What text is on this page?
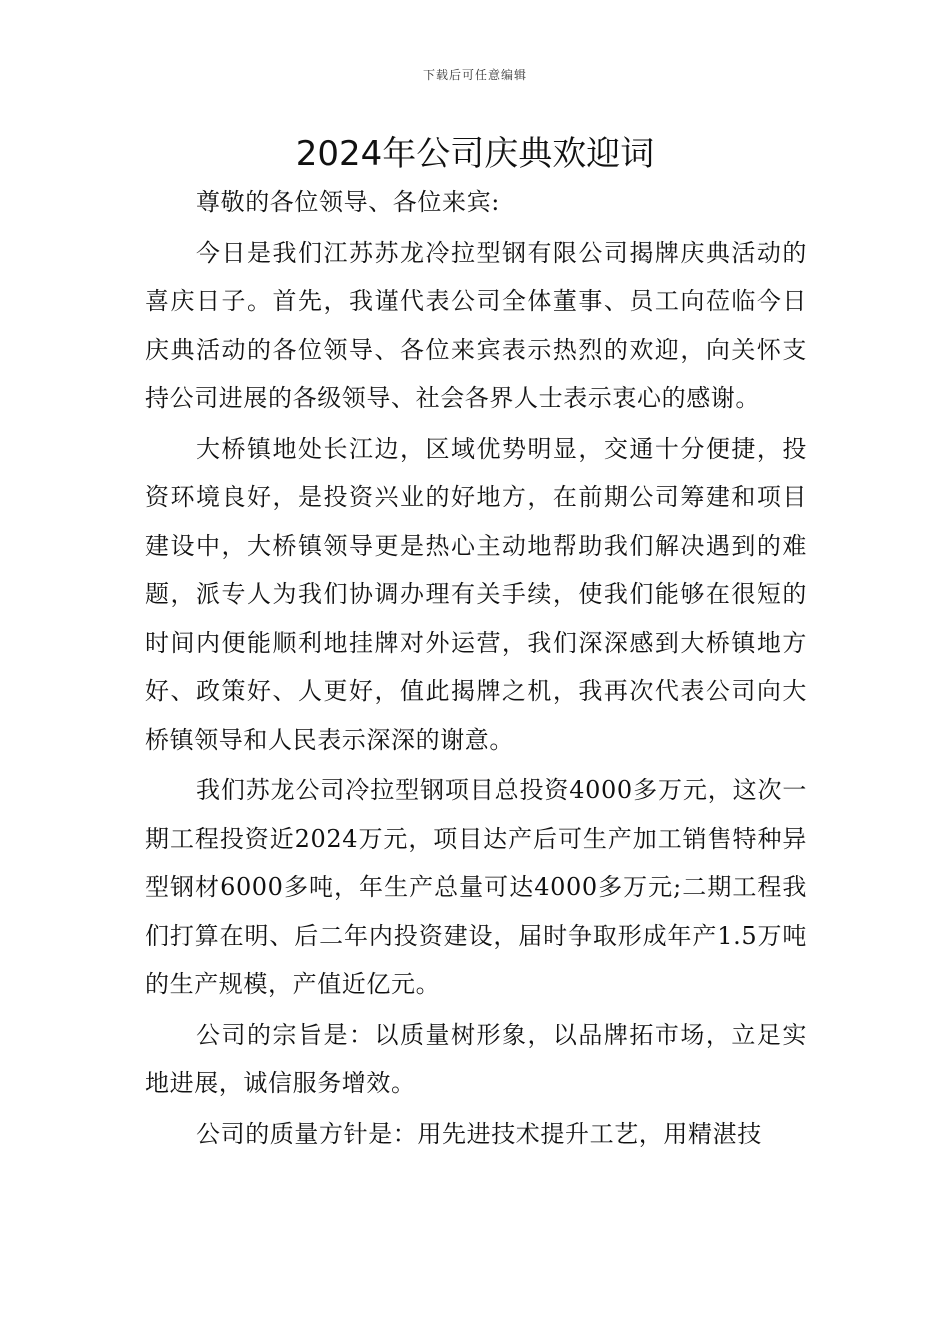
下载后可任意编辑
2024年公司庆典欢迎词

尊敬的各位领导、各位来宾:

今日是我们江苏苏龙冷拉型钢有限公司揭牌庆典活动的喜庆日子。首先，我谨代表公司全体董事、员工向莅临今日庆典活动的各位领导、各位来宾表示热烈的欢迎，向关怀支持公司进展的各级领导、社会各界人士表示衷心的感谢。

大桥镇地处长江边，区域优势明显，交通十分便捷，投资环境良好，是投资兴业的好地方，在前期公司筹建和项目建设中，大桥镇领导更是热心主动地帮助我们解决遇到的难题，派专人为我们协调办理有关手续，使我们能够在很短的时间内便能顺利地挂牌对外运营，我们深深感到大桥镇地方好、政策好、人更好，值此揭牌之机，我再次代表公司向大桥镇领导和人民表示深深的谢意。

我们苏龙公司冷拉型钢项目总投资4000多万元，这次一期工程投资近2024万元，项目达产后可生产加工销售特种异型钢材6000多吨，年生产总量可达4000多万元;二期工程我们打算在明、后二年内投资建设，届时争取形成年产1.5万吨的生产规模，产值近亿元。

公司的宗旨是：以质量树形象，以品牌拓市场，立足实地进展，诚信服务增效。

公司的质量方针是：用先进技术提升工艺，用精湛技
